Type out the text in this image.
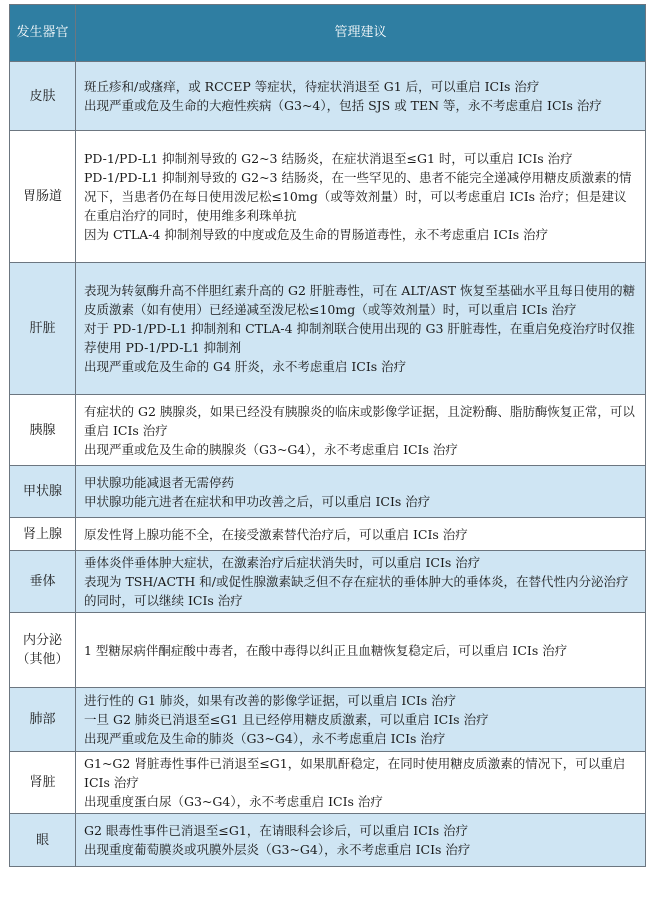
发生器官	管理建议
皮肤	斑丘疹和/或瘙痒，或 RCCEP 等症状，待症状消退至 G1 后，可以重启 ICIs 治疗
出现严重或危及生命的大疱性疾病（G3~4），包括 SJS 或 TEN 等，永不考虑重启 ICIs 治疗

胃肠道	PD-1/PD-L1 抑制剂导致的 G2~3 结肠炎，在症状消退至≤G1 时，可以重启 ICIs 治疗
PD-1/PD-L1 抑制剂导致的 G2~3 结肠炎，在一些罕见的、患者不能完全递减停用糖皮质激素的情况下，当患者仍在每日使用泼尼松≤10mg（或等效剂量）时，可以考虑重启 ICIs 治疗；但是建议在重启治疗的同时，使用维多利珠单抗
因为 CTLA-4 抑制剂导致的中度或危及生命的胃肠道毒性，永不考虑重启 ICIs 治疗

肝脏	表现为转氨酶升高不伴胆红素升高的 G2 肝脏毒性，可在 ALT/AST 恢复至基础水平且每日使用的糖皮质激素（如有使用）已经递减至泼尼松≤10mg（或等效剂量）时，可以重启 ICIs 治疗
对于 PD-1/PD-L1 抑制剂和 CTLA-4 抑制剂联合使用出现的 G3 肝脏毒性，在重启免疫治疗时仅推荐使用 PD-1/PD-L1 抑制剂
出现严重或危及生命的 G4 肝炎，永不考虑重启 ICIs 治疗

胰腺	有症状的 G2 胰腺炎，如果已经没有胰腺炎的临床或影像学证据，且淀粉酶、脂肪酶恢复正常，可以重启 ICIs 治疗
出现严重或危及生命的胰腺炎（G3~G4），永不考虑重启 ICIs 治疗

甲状腺	甲状腺功能减退者无需停药
甲状腺功能亢进者在症状和甲功改善之后，可以重启 ICIs 治疗

肾上腺	原发性肾上腺功能不全，在接受激素替代治疗后，可以重启 ICIs 治疗

垂体	垂体炎伴垂体肿大症状，在激素治疗后症状消失时，可以重启 ICIs 治疗
表现为 TSH/ACTH 和/或促性腺激素缺乏但不存在症状的垂体肿大的垂体炎，在替代性内分泌治疗的同时，可以继续 ICIs 治疗

内分泌（其他）	1 型糖尿病伴酮症酸中毒者，在酸中毒得以纠正且血糖恢复稳定后，可以重启 ICIs 治疗

肺部	进行性的 G1 肺炎，如果有改善的影像学证据，可以重启 ICIs 治疗
一旦 G2 肺炎已消退至≤G1 且已经停用糖皮质激素，可以重启 ICIs 治疗
出现严重或危及生命的肺炎（G3~G4），永不考虑重启 ICIs 治疗

肾脏	G1~G2 肾脏毒性事件已消退至≤G1，如果肌酐稳定，在同时使用糖皮质激素的情况下，可以重启 ICIs 治疗
出现重度蛋白尿（G3~G4），永不考虑重启 ICIs 治疗

眼	G2 眼毒性事件已消退至≤G1，在请眼科会诊后，可以重启 ICIs 治疗
出现重度葡萄膜炎或巩膜外层炎（G3~G4），永不考虑重启 ICIs 治疗
